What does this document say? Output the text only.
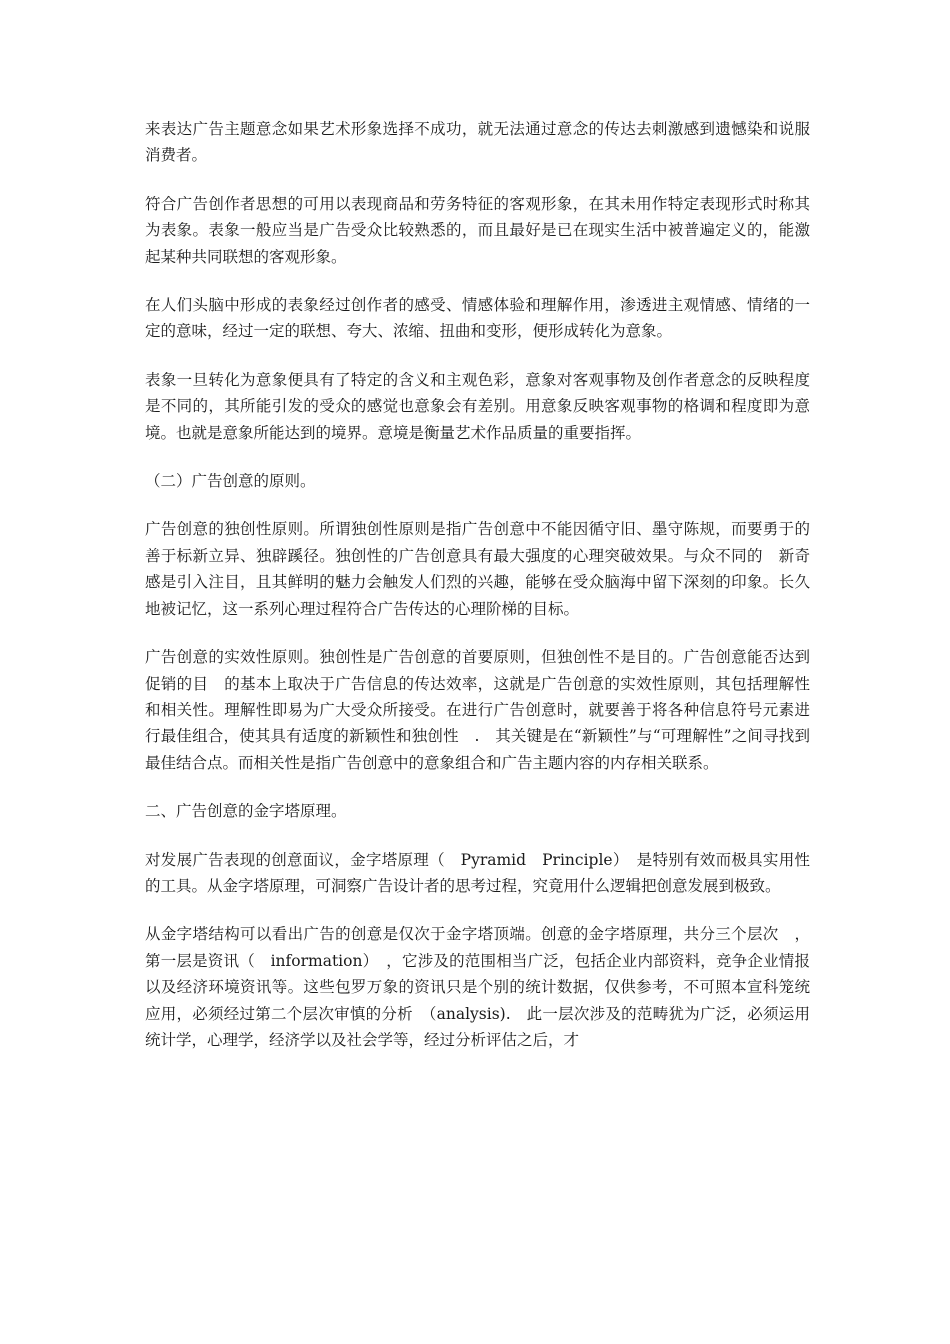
来表达广告主题意念如果艺术形象选择不成功，就无法通过意念的传达去刺激感到遗憾染和说服消费者。

符合广告创作者思想的可用以表现商品和劳务特征的客观形象，在其未用作特定表现形式时称其为表象。表象一般应当是广告受众比较熟悉的，而且最好是已在现实生活中被普遍定义的，能激起某种共同联想的客观形象。

在人们头脑中形成的表象经过创作者的感受、情感体验和理解作用，渗透进主观情感、情绪的一定的意味，经过一定的联想、夸大、浓缩、扭曲和变形，便形成转化为意象。

表象一旦转化为意象便具有了特定的含义和主观色彩，意象对客观事物及创作者意念的反映程度是不同的，其所能引发的受众的感觉也意象会有差别。用意象反映客观事物的格调和程度即为意境。也就是意象所能达到的境界。意境是衡量艺术作品质量的重要指挥。

（二）广告创意的原则。

广告创意的独创性原则。所谓独创性原则是指广告创意中不能因循守旧、墨守陈规，而要勇于的善于标新立异、独辟蹊径。独创性的广告创意具有最大强度的心理突破效果。与众不同的　新奇感是引入注目，且其鲜明的魅力会触发人们烈的兴趣，能够在受众脑海中留下深刻的印象。长久地被记忆，这一系列心理过程符合广告传达的心理阶梯的目标。

广告创意的实效性原则。独创性是广告创意的首要原则，但独创性不是目的。广告创意能否达到促销的目　的基本上取决于广告信息的传达效率，这就是广告创意的实效性原则，其包括理解性和相关性。理解性即易为广大受众所接受。在进行广告创意时，就要善于将各种信息符号元素进行最佳组合，使其具有适度的新颖性和独创性　.　其关键是在“新颖性”与“可理解性”之间寻找到最佳结合点。而相关性是指广告创意中的意象组合和广告主题内容的内存相关联系。

二、广告创意的金字塔原理。

对发展广告表现的创意面议，金字塔原理（　Pyramid　Principle）　是特别有效而极具实用性的工具。从金字塔原理，可洞察广告设计者的思考过程，究竟用什么逻辑把创意发展到极致。

从金字塔结构可以看出广告的创意是仅次于金字塔顶端。创意的金字塔原理，共分三个层次　，第一层是资讯（　information）　，它涉及的范围相当广泛，包括企业内部资料，竞争企业情报以及经济环境资讯等。这些包罗万象的资讯只是个别的统计数据，仅供参考，不可照本宣科笼统应用，必须经过第二个层次审慎的分析　（analysis).　此一层次涉及的范畴犹为广泛，必须运用统计学，心理学，经济学以及社会学等，经过分析评估之后，才
